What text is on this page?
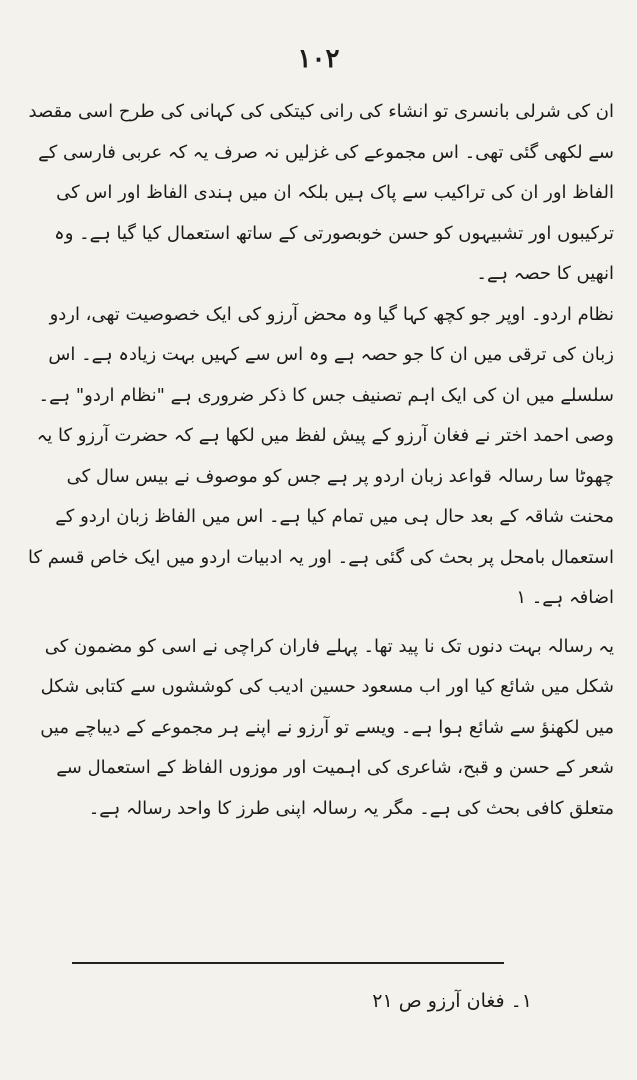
۱۰۲

ان کی شرلی بانسری تو انشاء کی رانی کیتکی کی کہانی کی طرح اسی مقصد سے لکھی گئی تھی۔ اس مجموعے کی غزلیں نہ صرف یہ کہ عربی فارسی کے الفاظ اور ان کی تراکیب سے پاک ہیں بلکہ ان میں ہندی الفاظ اور اس کی ترکیبوں اور تشبیہوں کو حسن خوبصورتی کے ساتھ استعمال کیا گیا ہے۔ وہ انھیں کا حصہ ہے۔

نظام اردو۔ اوپر جو کچھ کہا گیا وہ محض آرزو کی ایک خصوصیت تھی، اردو زبان کی ترقی میں ان کا جو حصہ ہے وہ اس سے کہیں بہت زیادہ ہے۔ اس سلسلے میں ان کی ایک اہم تصنیف جس کا ذکر ضروری ہے "نظام اردو" ہے۔ وصی احمد اختر نے فغان آرزو کے پیش لفظ میں لکھا ہے کہ حضرت آرزو کا یہ چھوٹا سا رسالہ قواعد زبان اردو پر ہے جس کو موصوف نے بیس سال کی محنت شاقہ کے بعد حال ہی میں تمام کیا ہے۔ اس میں الفاظ زبان اردو کے استعمال بامحل پر بحث کی گئی ہے۔ اور یہ ادبیات اردو میں ایک خاص قسم کا اضافہ ہے۔ ١

یہ رسالہ بہت دنوں تک نا پید تھا۔ پہلے فاران کراچی نے اسی کو مضمون کی شکل میں شائع کیا اور اب مسعود حسین ادیب کی کوششوں سے کتابی شکل میں لکھنؤ سے شائع ہوا ہے۔ ویسے تو آرزو نے اپنے ہر مجموعے کے دیباچے میں شعر کے حسن و قبح، شاعری کی اہمیت اور موزوں الفاظ کے استعمال سے متعلق کافی بحث کی ہے۔ مگر یہ رسالہ اپنی طرز کا واحد رسالہ ہے۔

١۔ فغان آرزو ص ٢١
